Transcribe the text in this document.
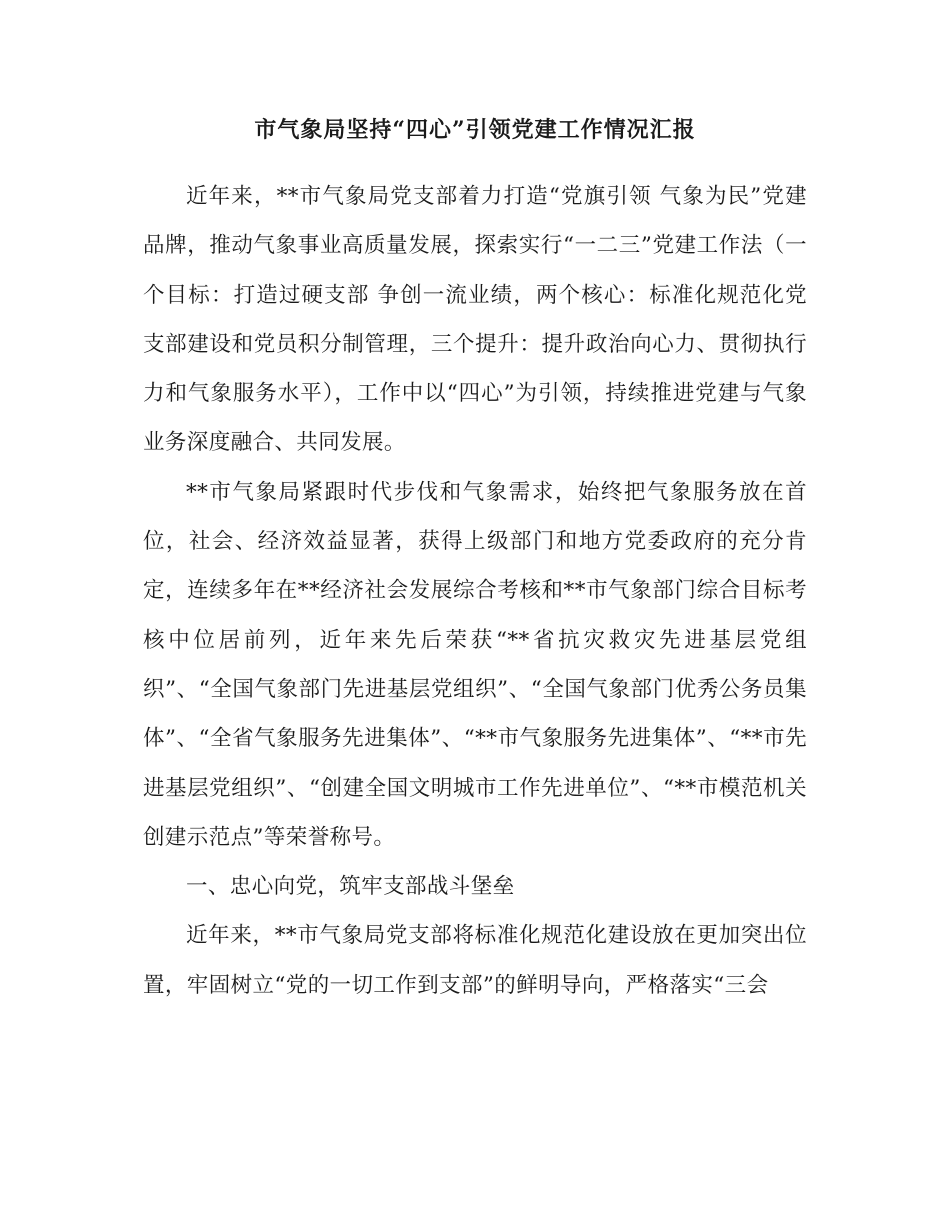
市气象局坚持“四心”引领党建工作情况汇报

近年来，**市气象局党支部着力打造“党旗引领 气象为民”党建品牌，推动气象事业高质量发展，探索实行“一二三”党建工作法（一个目标：打造过硬支部 争创一流业绩，两个核心：标准化规范化党支部建设和党员积分制管理，三个提升：提升政治向心力、贯彻执行力和气象服务水平），工作中以“四心”为引领，持续推进党建与气象业务深度融合、共同发展。

**市气象局紧跟时代步伐和气象需求，始终把气象服务放在首位，社会、经济效益显著，获得上级部门和地方党委政府的充分肯定，连续多年在**经济社会发展综合考核和**市气象部门综合目标考核中位居前列，近年来先后荣获“**省抗灾救灾先进基层党组织”、“全国气象部门先进基层党组织”、“全国气象部门优秀公务员集体”、“全省气象服务先进集体”、“**市气象服务先进集体”、“**市先进基层党组织”、“创建全国文明城市工作先进单位”、“**市模范机关创建示范点”等荣誉称号。

一、忠心向党，筑牢支部战斗堡垒

近年来，**市气象局党支部将标准化规范化建设放在更加突出位置，牢固树立“党的一切工作到支部”的鲜明导向，严格落实“三会
